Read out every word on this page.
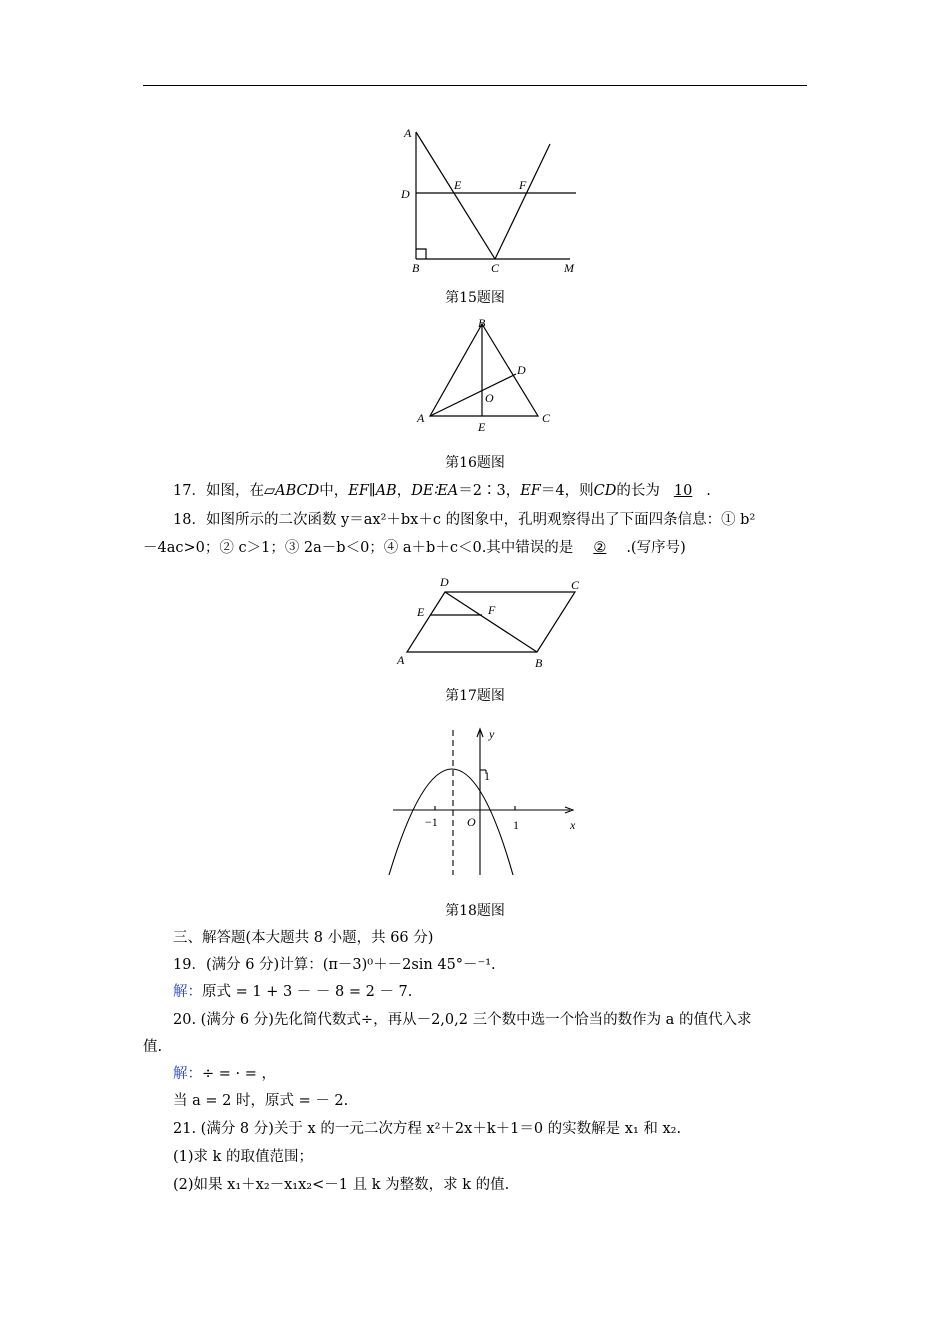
A
D
E	F
B	C	M
第15题图
B
D
O
A	C
E
第16题图
17．如图，在▱ABCD中，EF∥AB，DE∶EA＝2∶3，EF＝4，则CD的长为 10 .
18．如图所示的二次函数 y＝ax²＋bx＋c 的图象中，孔明观察得出了下面四条信息：① b²
－4ac>0；② c＞1；③ 2a－b＜0；④ a＋b＋c＜0.其中错误的是 ② .(写序号)
D	C
E	F
A	B
第17题图
y
1
−1 O	1	x
第18题图
三、解答题(本大题共 8 小题，共 66 分)
19．(满分 6 分)计算：(π－3)⁰＋－2sin 45°－⁻¹.
解：原式 = 1 + 3 － － 8 = 2 － 7.
20. (满分 6 分)先化简代数式÷，再从－2,0,2 三个数中选一个恰当的数作为 a 的值代入求
值.
解：÷ = · = ，
当 a = 2 时，原式 = － 2.
21. (满分 8 分)关于 x 的一元二次方程 x²＋2x＋k＋1＝0 的实数解是 x₁ 和 x₂.
(1)求 k 的取值范围；
(2)如果 x₁＋x₂－x₁x₂<－1 且 k 为整数，求 k 的值.
